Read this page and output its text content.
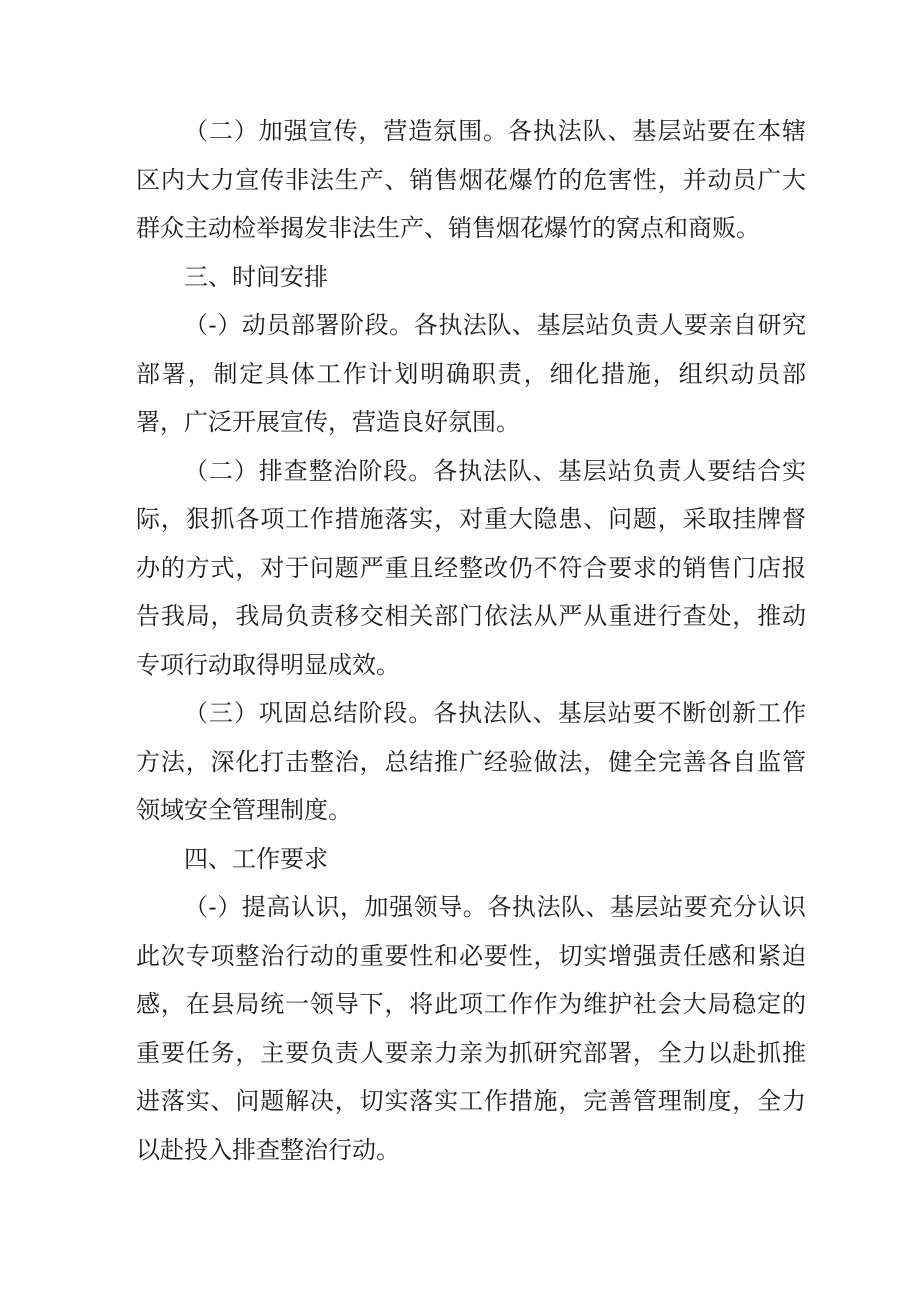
（二）加强宣传，营造氛围。各执法队、基层站要在本辖区内大力宣传非法生产、销售烟花爆竹的危害性，并动员广大群众主动检举揭发非法生产、销售烟花爆竹的窝点和商贩。

三、时间安排

（-）动员部署阶段。各执法队、基层站负责人要亲自研究部署，制定具体工作计划明确职责，细化措施，组织动员部署，广泛开展宣传，营造良好氛围。

（二）排查整治阶段。各执法队、基层站负责人要结合实际，狠抓各项工作措施落实，对重大隐患、问题，采取挂牌督办的方式，对于问题严重且经整改仍不符合要求的销售门店报告我局，我局负责移交相关部门依法从严从重进行查处，推动专项行动取得明显成效。

（三）巩固总结阶段。各执法队、基层站要不断创新工作方法，深化打击整治，总结推广经验做法，健全完善各自监管领域安全管理制度。

四、工作要求

（-）提高认识，加强领导。各执法队、基层站要充分认识此次专项整治行动的重要性和必要性，切实增强责任感和紧迫感，在县局统一领导下，将此项工作作为维护社会大局稳定的重要任务，主要负责人要亲力亲为抓研究部署，全力以赴抓推进落实、问题解决，切实落实工作措施，完善管理制度，全力以赴投入排查整治行动。
